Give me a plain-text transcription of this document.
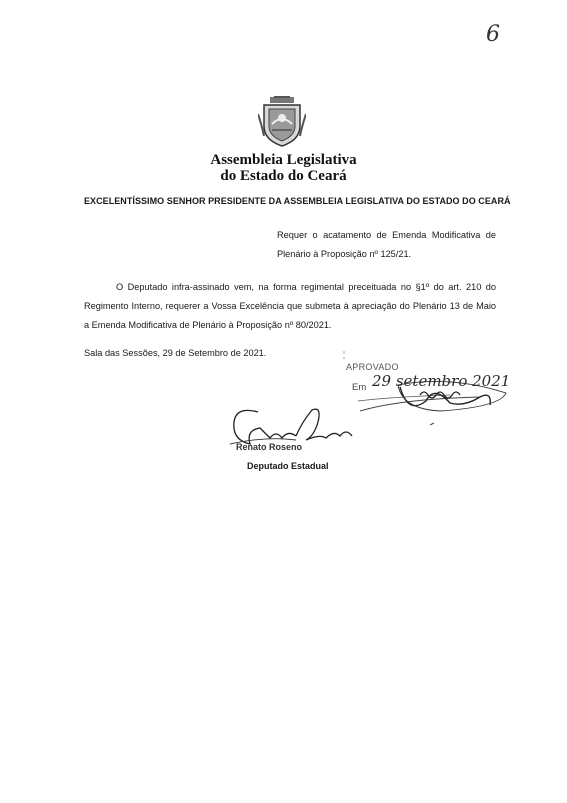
6
Assembleia Legislativa
do Estado do Ceará
EXCELENTÍSSIMO SENHOR PRESIDENTE DA ASSEMBLEIA LEGISLATIVA DO ESTADO DO CEARÁ
Requer o acatamento de Emenda Modificativa de Plenário à Proposição nº 125/21.
O Deputado infra-assinado vem, na forma regimental preceituada no §1º do art. 210 do Regimento Interno, requerer a Vossa Excelência que submeta à apreciação do Plenário 13 de Maio a Emenda Modificativa de Plenário à Proposição nº 80/2021.
Sala das Sessões, 29 de Setembro de 2021.
APROVADO
Em 29 setembro 2021
Renato Roseno
Deputado Estadual
